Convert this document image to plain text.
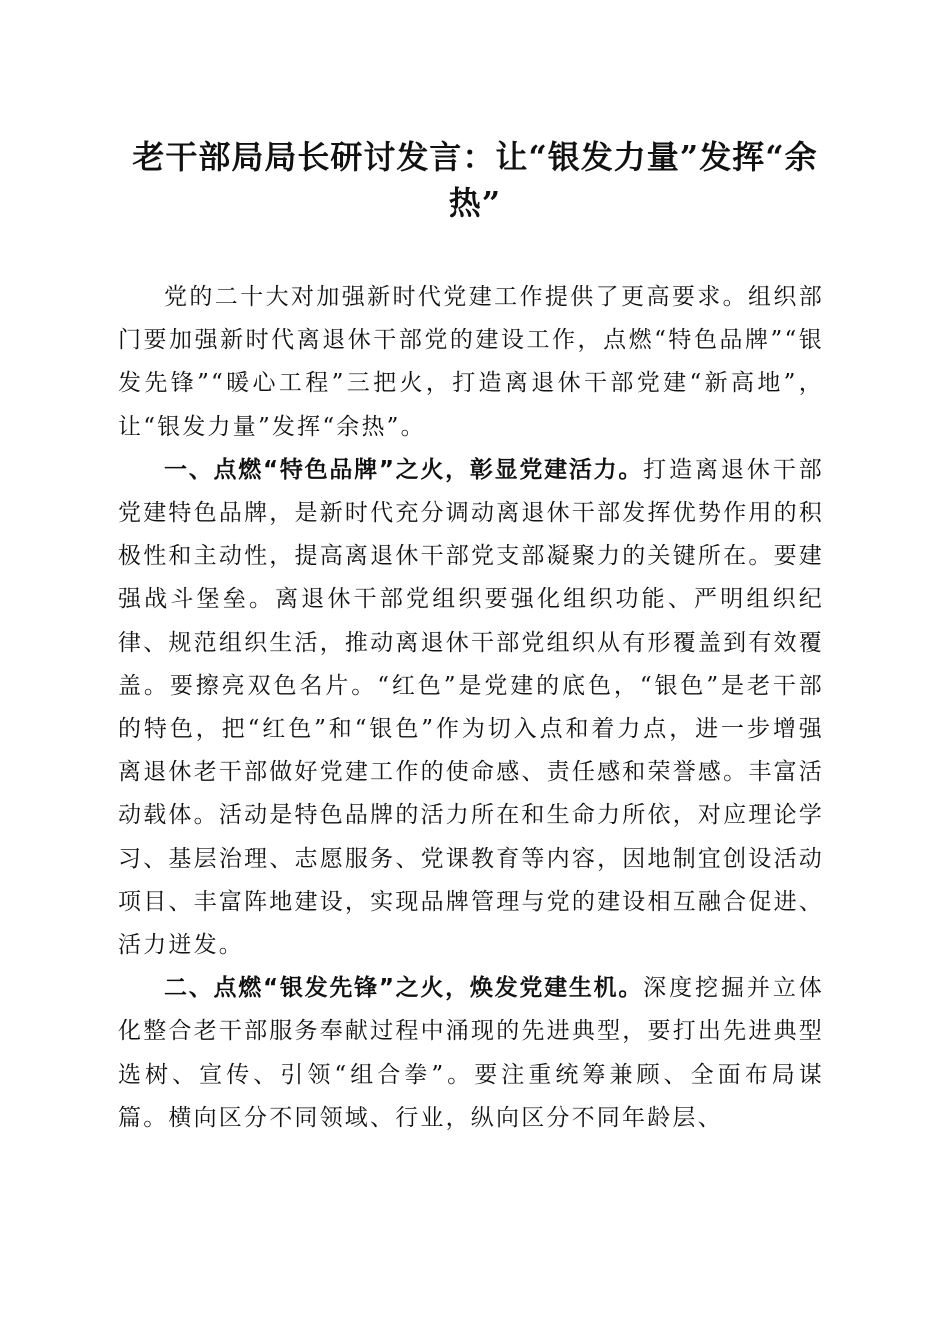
老干部局局长研讨发言：让“银发力量”发挥“余热”

党的二十大对加强新时代党建工作提供了更高要求。组织部门要加强新时代离退休干部党的建设工作，点燃“特色品牌”“银发先锋”“暖心工程”三把火，打造离退休干部党建“新高地”，让“银发力量”发挥“余热”。

一、点燃“特色品牌”之火，彰显党建活力。打造离退休干部党建特色品牌，是新时代充分调动离退休干部发挥优势作用的积极性和主动性，提高离退休干部党支部凝聚力的关键所在。要建强战斗堡垒。离退休干部党组织要强化组织功能、严明组织纪律、规范组织生活，推动离退休干部党组织从有形覆盖到有效覆盖。要擦亮双色名片。“红色”是党建的底色，“银色”是老干部的特色，把“红色”和“银色”作为切入点和着力点，进一步增强离退休老干部做好党建工作的使命感、责任感和荣誉感。丰富活动载体。活动是特色品牌的活力所在和生命力所依，对应理论学习、基层治理、志愿服务、党课教育等内容，因地制宜创设活动项目、丰富阵地建设，实现品牌管理与党的建设相互融合促进、活力迸发。

二、点燃“银发先锋”之火，焕发党建生机。深度挖掘并立体化整合老干部服务奉献过程中涌现的先进典型，要打出先进典型选树、宣传、引领“组合拳”。要注重统筹兼顾、全面布局谋篇。横向区分不同领域、行业，纵向区分不同年龄层、
